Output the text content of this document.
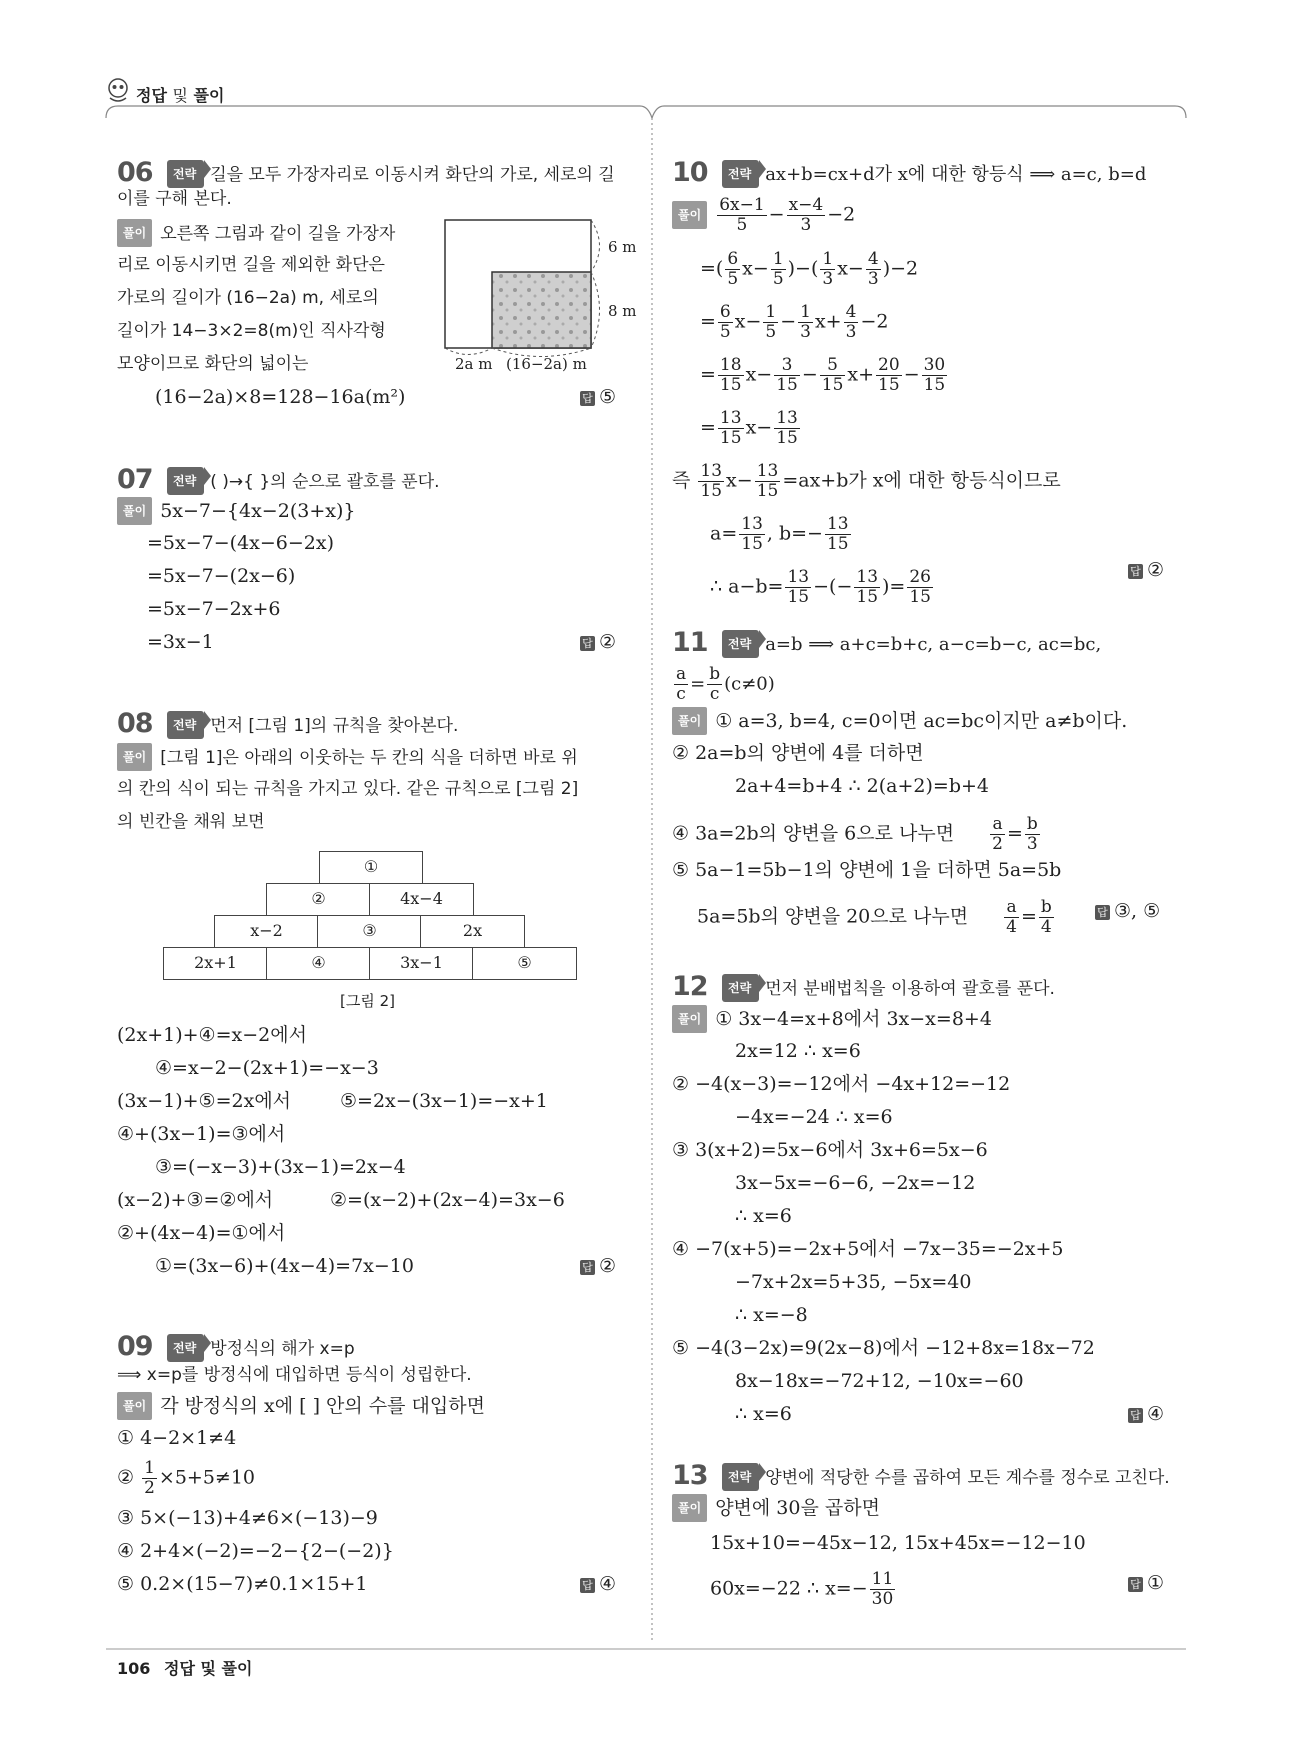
정답 및 풀이
06	전략 길을 모두 가장자리로 이동시켜 화단의 가로, 세로의 길
이를 구해 본다.
풀이 오른쪽 그림과 같이 길을 가장자
리로 이동시키면 길을 제외한 화단은
가로의 길이가 (16−2a) m, 세로의
길이가 14−3×2=8(m)인 직사각형
모양이므로 화단의 넓이는
(16−2a)×8=128−16a(m²)	답 ⑤
6 m
8 m
2a m (16−2a) m
07	전략 ( )→{ }의 순으로 괄호를 푼다.
풀이 5x−7−{4x−2(3+x)}
=5x−7−(4x−6−2x)
=5x−7−(2x−6)
=5x−7−2x+6
=3x−1	답 ②
08	전략 먼저 [그림 1]의 규칙을 찾아본다.
풀이 [그림 1]은 아래의 이웃하는 두 칸의 식을 더하면 바로 위
의 칸의 식이 되는 규칙을 가지고 있다. 같은 규칙으로 [그림 2]
의 빈칸을 채워 보면
①
②	4x−4
x−2	③	2x
2x+1	④	3x−1	⑤
[그림 2]
(2x+1)+④=x−2에서
④=x−2−(2x+1)=−x−3
(3x−1)+⑤=2x에서	⑤=2x−(3x−1)=−x+1
④+(3x−1)=③에서
③=(−x−3)+(3x−1)=2x−4
(x−2)+③=②에서	②=(x−2)+(2x−4)=3x−6
②+(4x−4)=①에서
①=(3x−6)+(4x−4)=7x−10	답 ②
09	전략 방정식의 해가 x=p
⟹ x=p를 방정식에 대입하면 등식이 성립한다.
풀이 각 방정식의 x에 [ ] 안의 수를 대입하면
① 4−2×1≠4
② $\frac{1}{2} \times 5+5\ne 10$
③ 5×(−13)+4≠6×(−13)−9
④ 2+4×(−2)=−2−{2−(−2)}
⑤ 0.2×(15−7)≠0.1×15+1	답 ④
10	전략 ax+b=cx+d가 x에 대한 항등식 ⟹ a=c, b=d
풀이 $\frac{6x-1}{5} - \frac{x-4}{3} -2$
=( $\frac{6}{5} x- \frac{1}{5}$ )−( $\frac{1}{3} x- \frac{4}{3} )-2$
= $\frac{6}{5} x- \frac{1}{5} - \frac{1}{3} x+ \frac{4}{3} -2$
= $\frac{18}{15} x- \frac{3}{15} - \frac{5}{15} x+ \frac{20}{15} - \frac{30}{15}$
= $\frac{13}{15} x- \frac{13}{15}$
즉 $\frac{13}{15} x- \frac{13}{15} =ax+b$가 x에 대한 항등식이므로
$a= \frac{13}{15}$ , $b=- \frac{13}{15}$
∴ $a-b= \frac{13}{15}$ −(− $\frac{13}{15}$ )= $\frac{26}{15}$	답 ②
11	전략 a=b ⟹ a+c=b+c, a−c=b−c, ac=bc,
$\frac{a}{c} = \frac{b}{c} (c\ne 0)$
풀이 ① a=3, b=4, c=0이면 ac=bc이지만 a≠b이다.
② 2a=b의 양변에 4를 더하면
2a+4=b+4 ∴ 2(a+2)=b+4
④ 3a=2b의 양변을 6으로 나누면 $\frac{a}{2} = \frac{b}{3}$
⑤ 5a−1=5b−1의 양변에 1을 더하면 5a=5b
5a=5b의 양변을 20으로 나누면 $\frac{a}{4} = \frac{b}{4}$	답 ③, ⑤
12	전략 먼저 분배법칙을 이용하여 괄호를 푼다.
풀이 ① 3x−4=x+8에서 3x−x=8+4
2x=12 ∴ x=6
② −4(x−3)=−12에서 −4x+12=−12
−4x=−24 ∴ x=6
③ 3(x+2)=5x−6에서 3x+6=5x−6
3x−5x=−6−6, −2x=−12
∴ x=6
④ −7(x+5)=−2x+5에서 −7x−35=−2x+5
−7x+2x=5+35, −5x=40
∴ x=−8
⑤ −4(3−2x)=9(2x−8)에서 −12+8x=18x−72
8x−18x=−72+12, −10x=−60
∴ x=6	답 ④
13	전략 양변에 적당한 수를 곱하여 모든 계수를 정수로 고친다.
풀이 양변에 30을 곱하면
15x+10=−45x−12, 15x+45x=−12−10
60x=−22 ∴ $x=- \frac{11}{30}$	답 ①
106 정답 및 풀이
